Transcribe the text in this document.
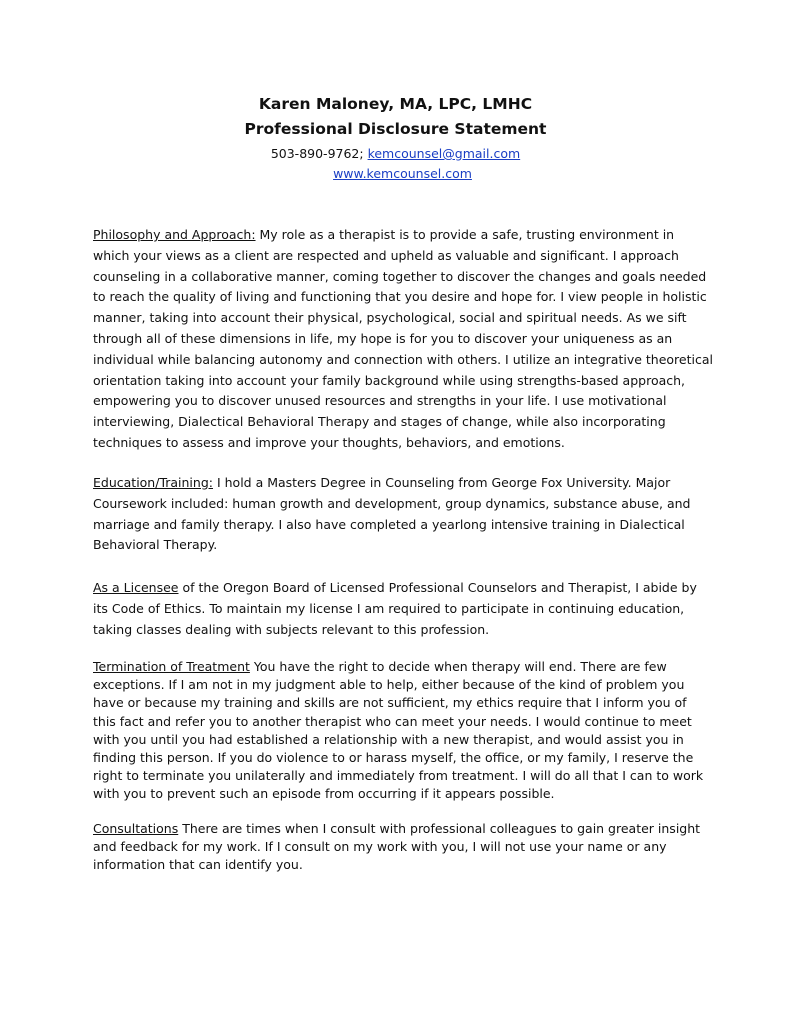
Karen Maloney, MA, LPC, LMHC
Professional Disclosure Statement
503-890-9762; kemcounsel@gmail.com
www.kemcounsel.com

Philosophy and Approach: My role as a therapist is to provide a safe, trusting environment in which your views as a client are respected and upheld as valuable and significant. I approach counseling in a collaborative manner, coming together to discover the changes and goals needed to reach the quality of living and functioning that you desire and hope for. I view people in holistic manner, taking into account their physical, psychological, social and spiritual needs. As we sift through all of these dimensions in life, my hope is for you to discover your uniqueness as an individual while balancing autonomy and connection with others. I utilize an integrative theoretical orientation taking into account your family background while using strengths-based approach, empowering you to discover unused resources and strengths in your life. I use motivational interviewing, Dialectical Behavioral Therapy and stages of change, while also incorporating techniques to assess and improve your thoughts, behaviors, and emotions.

Education/Training: I hold a Masters Degree in Counseling from George Fox University. Major Coursework included: human growth and development, group dynamics, substance abuse, and marriage and family therapy. I also have completed a yearlong intensive training in Dialectical Behavioral Therapy.

As a Licensee of the Oregon Board of Licensed Professional Counselors and Therapist, I abide by its Code of Ethics. To maintain my license I am required to participate in continuing education, taking classes dealing with subjects relevant to this profession.

Termination of Treatment You have the right to decide when therapy will end. There are few exceptions. If I am not in my judgment able to help, either because of the kind of problem you have or because my training and skills are not sufficient, my ethics require that I inform you of this fact and refer you to another therapist who can meet your needs. I would continue to meet with you until you had established a relationship with a new therapist, and would assist you in finding this person. If you do violence to or harass myself, the office, or my family, I reserve the right to terminate you unilaterally and immediately from treatment. I will do all that I can to work with you to prevent such an episode from occurring if it appears possible.

Consultations There are times when I consult with professional colleagues to gain greater insight and feedback for my work. If I consult on my work with you, I will not use your name or any information that can identify you.
